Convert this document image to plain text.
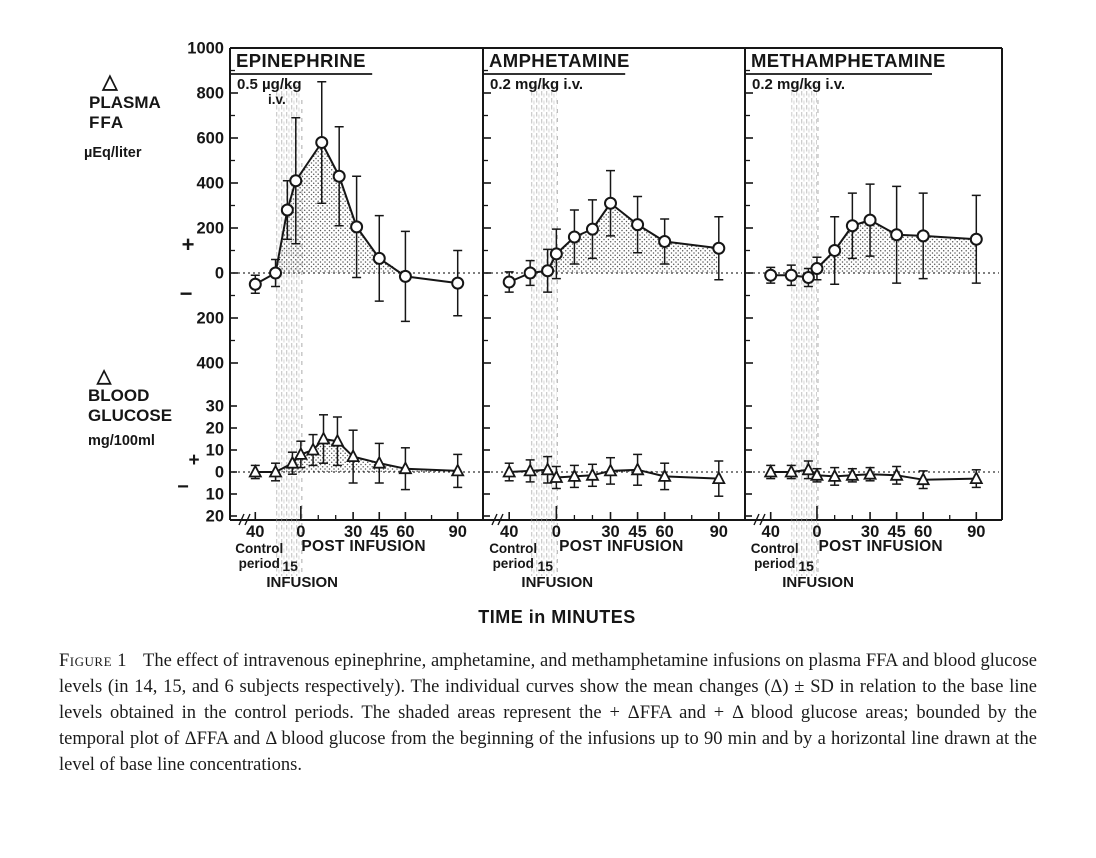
EPINEPHRINE
0.5 µg/kg
i.v.
40
Control
period
0 30 45 60 90
15
INFUSION
POST INFUSION
AMPHETAMINE
0.2 mg/kg i.v.
40
Control
period
0 30 45 60 90
15
INFUSION
POST INFUSION
METHAMPHETAMINE
0.2 mg/kg i.v.
40
Control
period
0 30 45 60 90
15
INFUSION
POST INFUSION
1000
800
600
400
200
0
200
400
+
−
△
PLASMA
FFA
µEq/liter
30
20
10
0
10
20
+
−
△
BLOOD
GLUCOSE
mg/100ml
TIME in MINUTES
Figure 1 The effect of intravenous epinephrine, amphetamine, and methamphetamine infusions on plasma FFA and blood glucose levels (in 14, 15, and 6 subjects respectively). The individual curves show the mean changes (Δ) ± SD in relation to the base line levels obtained in the control periods. The shaded areas represent the + ΔFFA and + Δ blood glucose areas; bounded by the temporal plot of ΔFFA and Δ blood glucose from the beginning of the infusions up to 90 min and by a horizontal line drawn at the level of base line concentrations.
